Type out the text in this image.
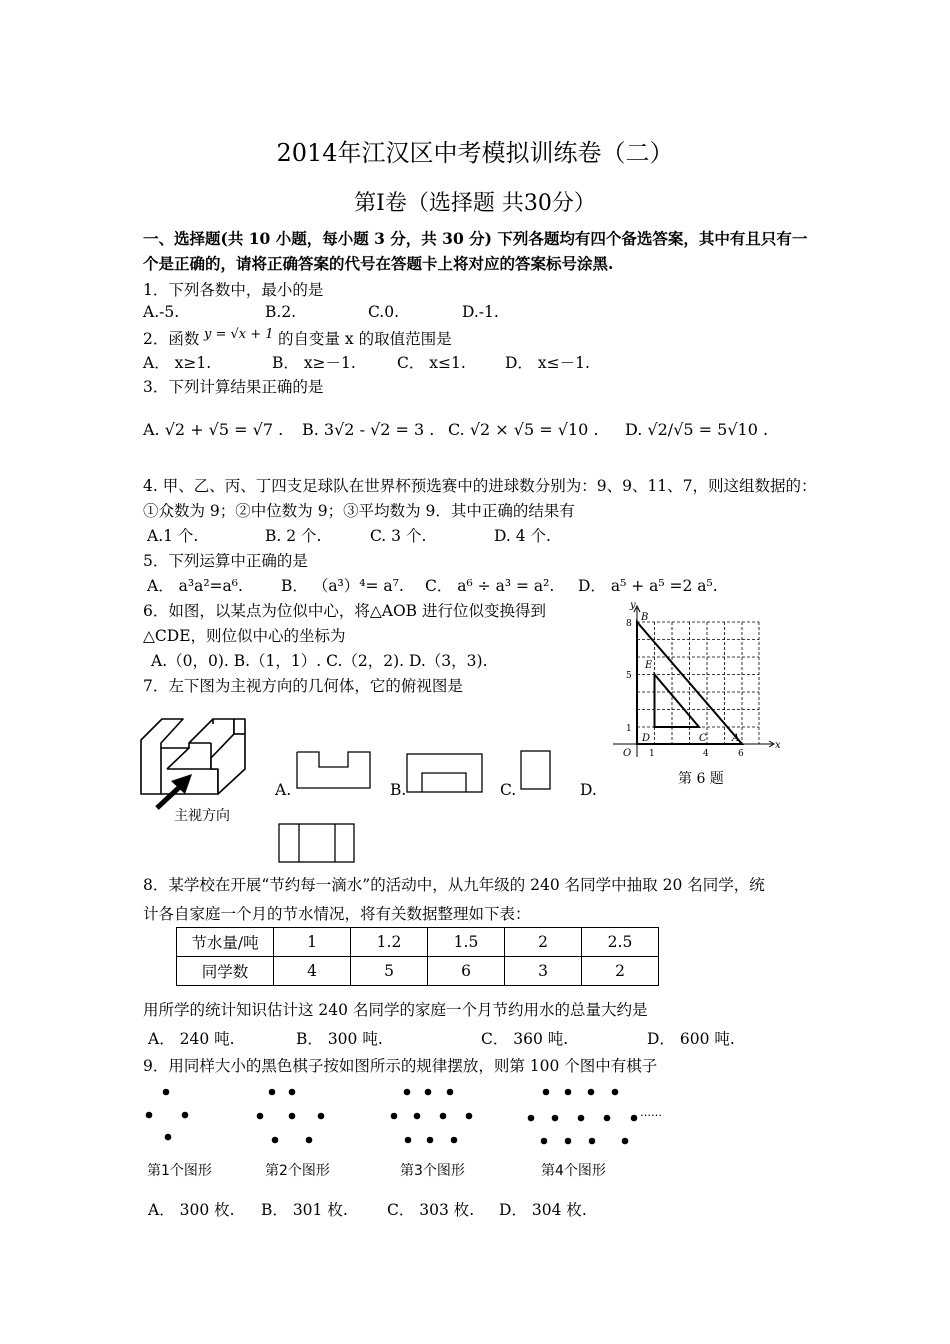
2014年江汉区中考模拟训练卷（二）
第I卷（选择题 共30分）
一、选择题(共 10 小题，每小题 3 分，共 30 分) 下列各题均有四个备选答案，其中有且只有一
个是正确的，请将正确答案的代号在答题卡上将对应的答案标号涂黑.
1．下列各数中，最小的是
A.-5.	B.2.	C.0.	D.-1.
2．函数 y = √x + 1 的自变量 x 的取值范围是
A． x≥1.	B． x≥－1.	C． x≤1.	D． x≤－1.
3．下列计算结果正确的是
A. √2 + √5 = √7 . B. 3√2 - √2 = 3 . C. √2 × √5 = √10 . D. √2/√5 = 5√10 .
4. 甲、乙、丙、丁四支足球队在世界杯预选赛中的进球数分别为：9、9、11、7，则这组数据的：
①众数为 9；②中位数为 9；③平均数为 9．其中正确的结果有
A.1 个.	B. 2 个.	C. 3 个.	D. 4 个.
5．下列运算中正确的是
A． a³a²=a⁶. B． （a³）⁴= a⁷. C． a⁶ ÷ a³ = a². D． a⁵ + a⁵ =2 a⁵.
6．如图，以某点为位似中心，将△AOB 进行位似变换得到
△CDE，则位似中心的坐标为
A.（0，0). B.（1，1）. C.（2，2). D.（3，3).
y
x
B
E
D	C	A
O 1	4	6
8
5
1
第 6 题
7．左下图为主视方向的几何体，它的俯视图是
主视方向
A.	B.	C.	D.
8．某学校在开展“节约每一滴水”的活动中，从九年级的 240 名同学中抽取 20 名同学，统
计各自家庭一个月的节水情况，将有关数据整理如下表：
节水量/吨	1	1.2	1.5	2	2.5
同学数	4	5	6	3	2
用所学的统计知识估计这 240 名同学的家庭一个月节约用水的总量大约是
A． 240 吨.	B． 300 吨.	C． 360 吨.	D． 600 吨.
9．用同样大小的黑色棋子按如图所示的规律摆放，则第 100 个图中有棋子
……
第1个图形	第2个图形	第3个图形	第4个图形
A． 300 枚. B． 301 枚.	C． 303 枚. D． 304 枚.
